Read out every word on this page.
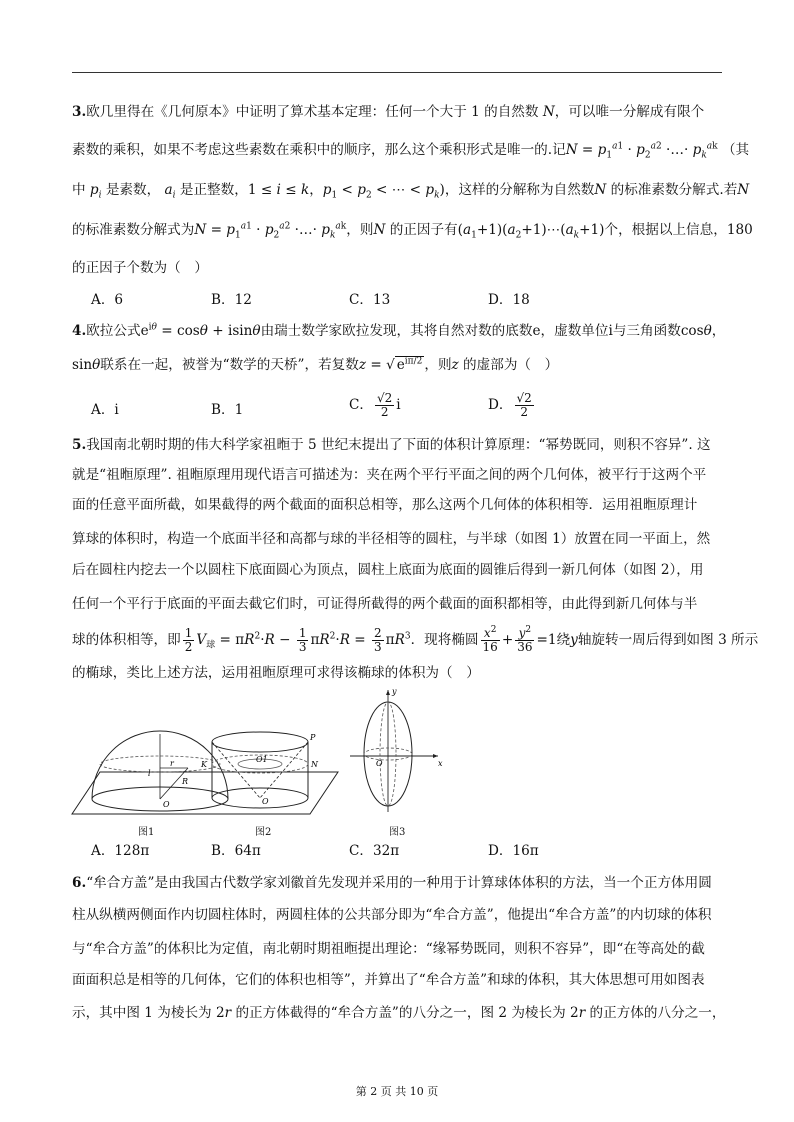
3.欧几里得在《几何原本》中证明了算术基本定理：任何一个大于 1 的自然数 N，可以唯一分解成有限个
素数的乘积，如果不考虑这些素数在乘积中的顺序，那么这个乘积形式是唯一的.记$N = p_1^{a1} \cdot p_2^{a2}$ ·…· $p_k^{ak}$ （其
中 $p_i$ 是素数， $a_i$ 是正整数，1 ≤ i ≤ k，$p_1 < p_2$ < ⋯ < $p_k$)，这样的分解称为自然数N 的标准素数分解式.若N
的标准素数分解式为$N = p_1^{a1} \cdot p_2^{a2}$ ·…· $p_k^{ak}$，则N 的正因子有$(a_1+1)(a_2+1)\cdots(a_k+1)$个，根据以上信息，180
的正因子个数为（　）
A．6	B．12	C．13	D．18
4.欧拉公式$e^{i\theta} = \cos\theta + isin\theta$由瑞士数学家欧拉发现，其将自然对数的底数e，虚数单位i与三角函数cosθ，
sinθ联系在一起，被誉为“数学的天桥”，若复数z = √ $e^{i\pi/2}$ ，则z 的虚部为（　）
A．i	B．1	C． $\frac{√2}{2}$ i	D． $\frac{√2}{2}$
5.我国南北朝时期的伟大科学家祖暅于 5 世纪末提出了下面的体积计算原理：“幂势既同，则积不容异”. 这
就是“祖暅原理”. 祖暅原理用现代语言可描述为：夹在两个平行平面之间的两个几何体，被平行于这两个平
面的任意平面所截，如果截得的两个截面的面积总相等，那么这两个几何体的体积相等．运用祖暅原理计
算球的体积时，构造一个底面半径和高都与球的半径相等的圆柱，与半球（如图 1）放置在同一平面上，然
后在圆柱内挖去一个以圆柱下底面圆心为顶点，圆柱上底面为底面的圆锥后得到一新几何体（如图 2），用
任何一个平行于底面的平面去截它们时，可证得所截得的两个截面的面积都相等，由此得到新几何体与半
球的体积相等，即 $\frac{1}{2} V_球 = \pi R^2\cdot R - \frac{1}{3} \pi R^2\cdot R = \frac{2}{3} \pi R^3$．现将椭圆 $\frac{x^2}{16} + \frac{y^2}{36} =1$绕y轴旋转一周后得到如图 3 所示
的椭球，类比上述方法，运用祖暅原理可求得该椭球的体积为（　）
O
R
l
r
P
K	N
O1
O
图1	图2
y
x
O
图3
A．128π	B．64π	C．32π	D．16π
6.“牟合方盖”是由我国古代数学家刘徽首先发现并采用的一种用于计算球体体积的方法，当一个正方体用圆
柱从纵横两侧面作内切圆柱体时，两圆柱体的公共部分即为“牟合方盖”，他提出“牟合方盖”的内切球的体积
与“牟合方盖”的体积比为定值，南北朝时期祖暅提出理论：“缘幂势既同，则积不容异”，即“在等高处的截
面面积总是相等的几何体，它们的体积也相等”，并算出了“牟合方盖”和球的体积，其大体思想可用如图表
示，其中图 1 为棱长为 2r 的正方体截得的“牟合方盖”的八分之一，图 2 为棱长为 2r 的正方体的八分之一，
第 2 页 共 10 页
